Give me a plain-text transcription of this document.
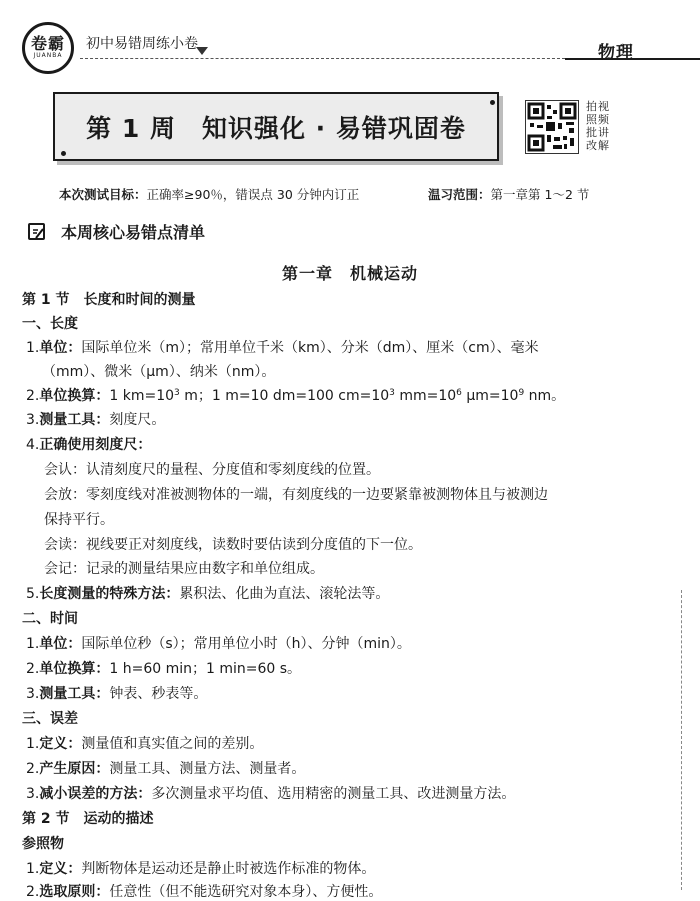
卷霸
JUANBA
初中易错周练小卷	物理
第 1 周　知识强化 · 易错巩固卷
拍视照频批讲改解
本次测试目标：正确率≥90％，错误点 30 分钟内订正	温习范围：第一章第 1～2 节
本周核心易错点清单
第一章　机械运动
第 1 节　长度和时间的测量
一、长度
1.单位：国际单位米（m）；常用单位千米（km）、分米（dm）、厘米（cm）、毫米
（mm）、微米（μm）、纳米（nm）。
2.单位换算：1 $km=10^3$ m；1 m=10 dm=100 $cm=10^3$ $mm=10^6$ $\mu m=10^9$ nm。
3.测量工具：刻度尺。
4.正确使用刻度尺：
会认：认清刻度尺的量程、分度值和零刻度线的位置。
会放：零刻度线对准被测物体的一端，有刻度线的一边要紧靠被测物体且与被测边
保持平行。
会读：视线要正对刻度线，读数时要估读到分度值的下一位。
会记：记录的测量结果应由数字和单位组成。
5.长度测量的特殊方法：累积法、化曲为直法、滚轮法等。
二、时间
1.单位：国际单位秒（s）；常用单位小时（h）、分钟（min）。
2.单位换算：1 h=60 min；1 min=60 s。
3.测量工具：钟表、秒表等。
三、误差
1.定义：测量值和真实值之间的差别。
2.产生原因：测量工具、测量方法、测量者。
3.减小误差的方法：多次测量求平均值、选用精密的测量工具、改进测量方法。
第 2 节　运动的描述
参照物
1.定义：判断物体是运动还是静止时被选作标准的物体。
2.选取原则：任意性（但不能选研究对象本身）、方便性。
